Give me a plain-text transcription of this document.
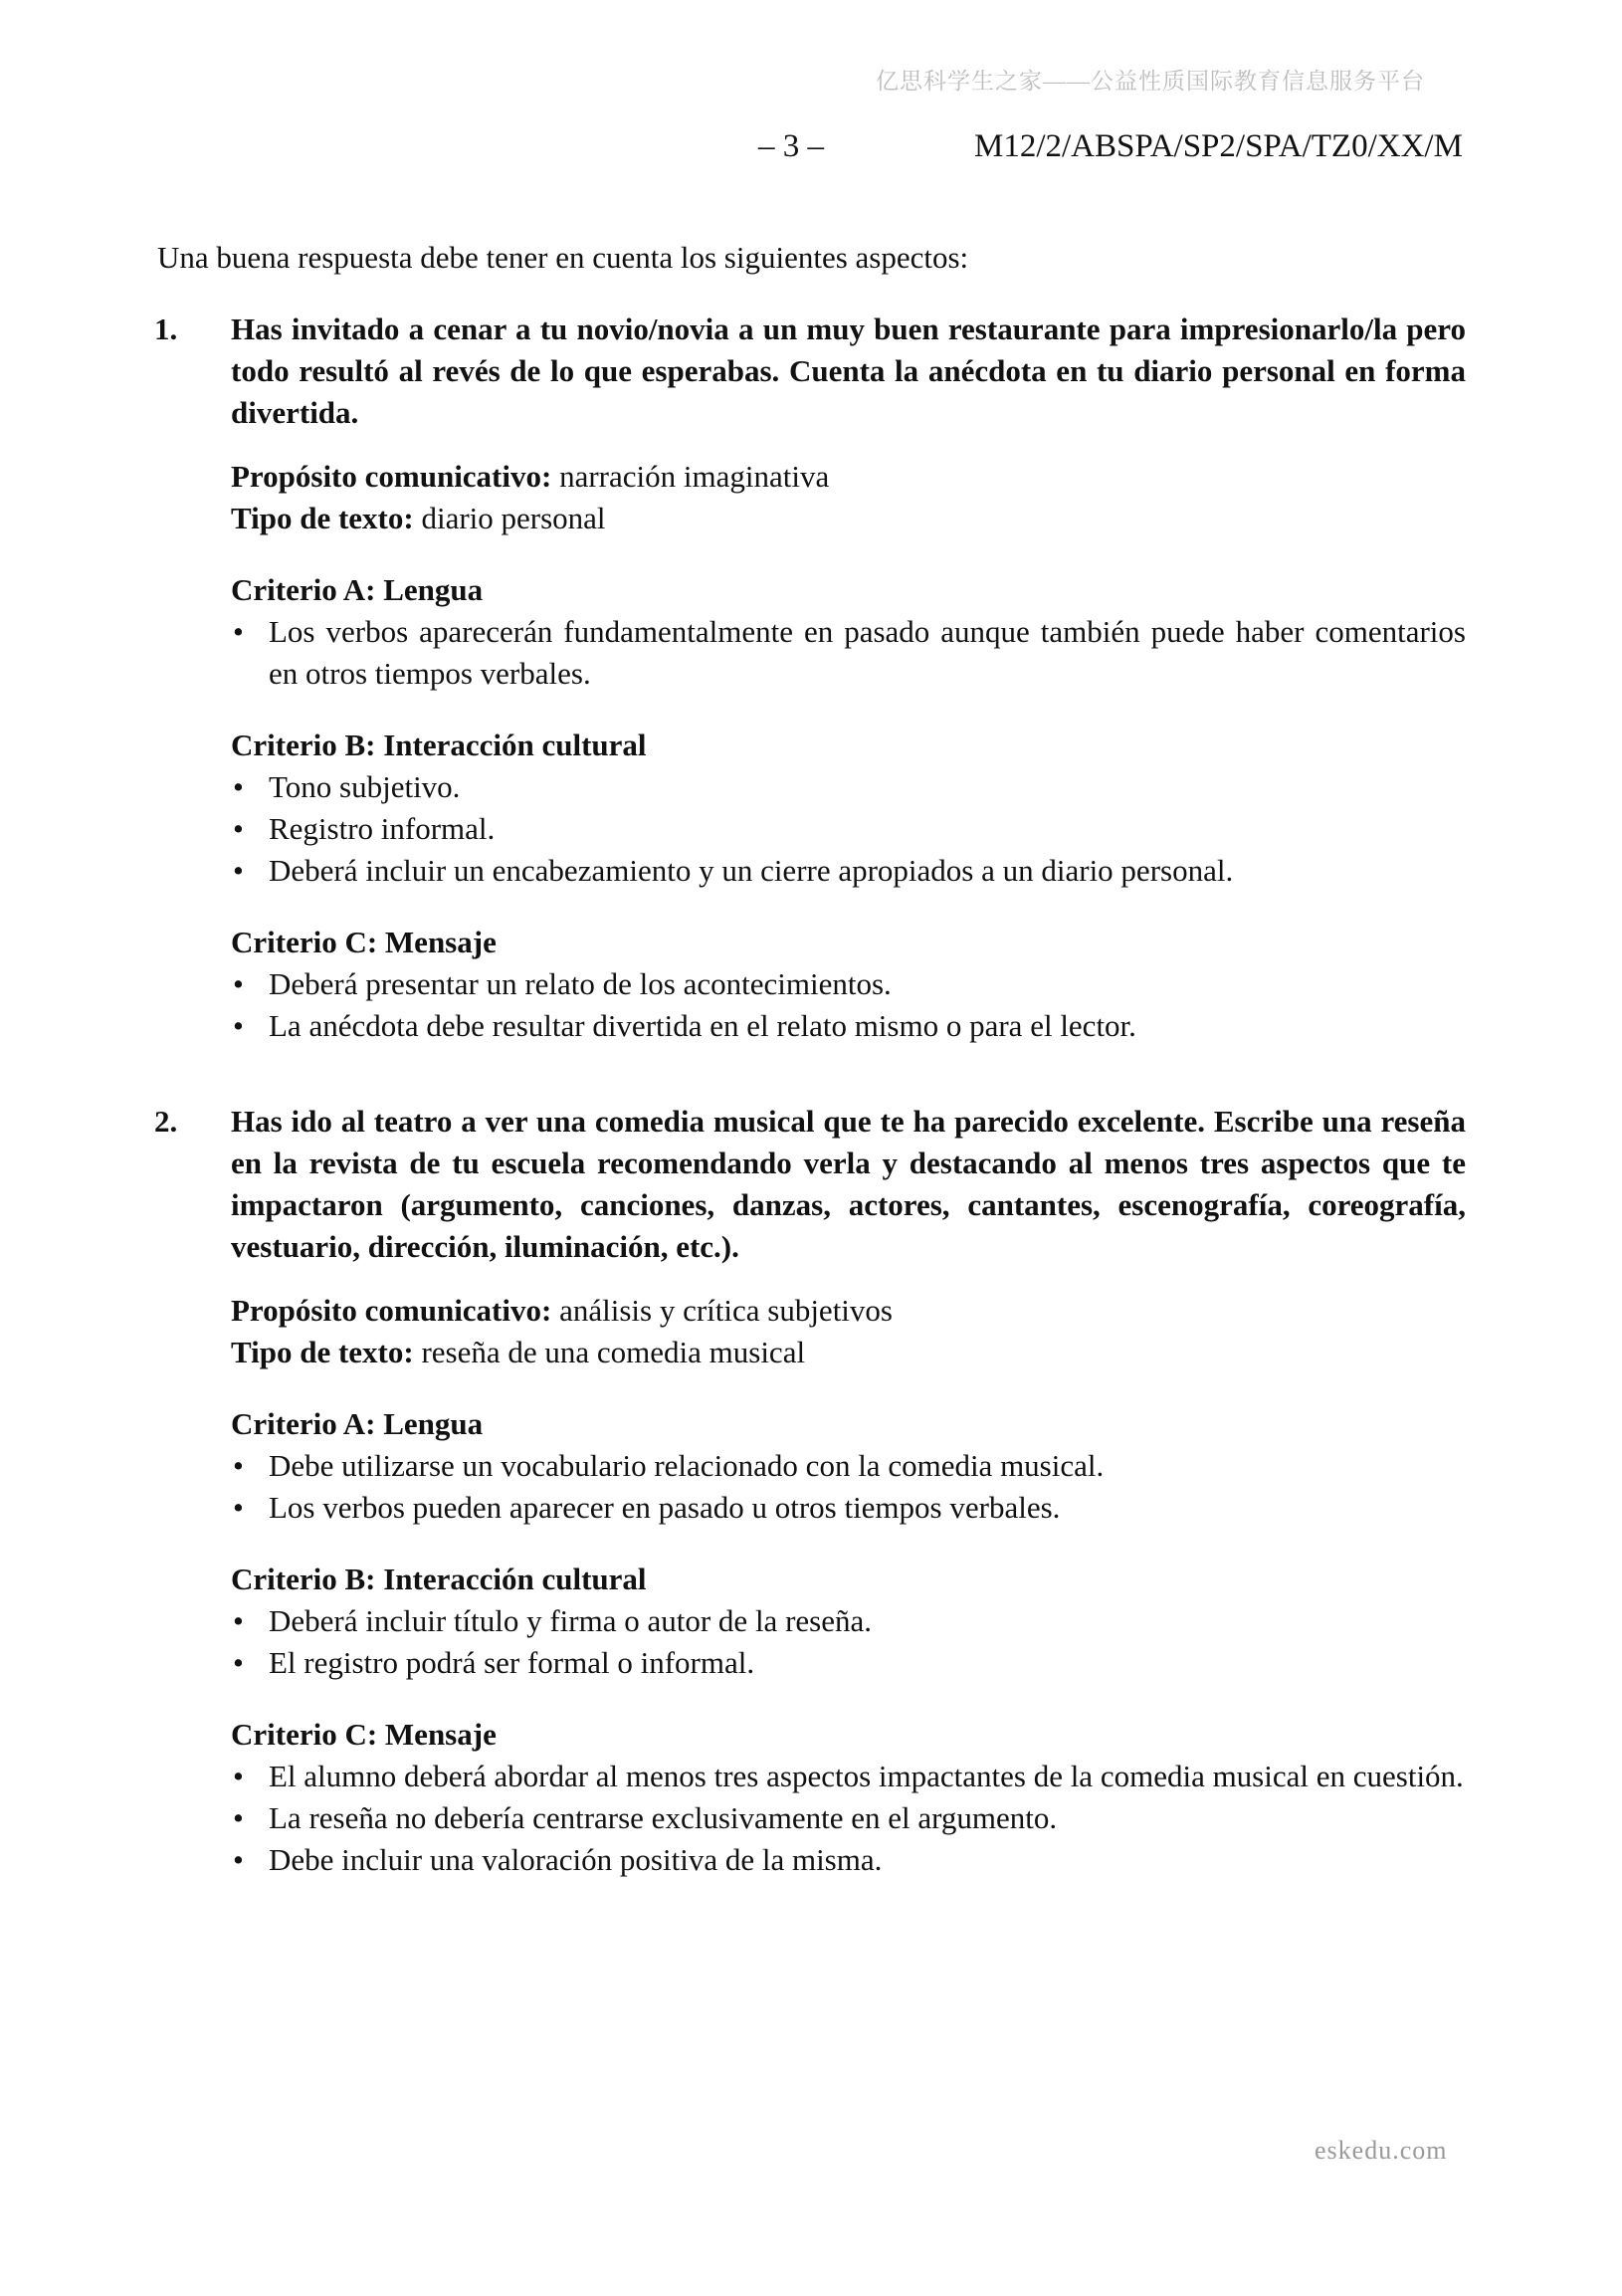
亿思科学生之家——公益性质国际教育信息服务平台
– 3 –	M12/2/ABSPA/SP2/SPA/TZ0/XX/M

Una buena respuesta debe tener en cuenta los siguientes aspectos:

1. Has invitado a cenar a tu novio/novia a un muy buen restaurante para impresionarlo/la pero todo resultó al revés de lo que esperabas. Cuenta la anécdota en tu diario personal en forma divertida.

Propósito comunicativo: narración imaginativa
Tipo de texto: diario personal
Criterio A: Lengua
• Los verbos aparecerán fundamentalmente en pasado aunque también puede haber comentarios en otros tiempos verbales.
Criterio B: Interacción cultural
• Tono subjetivo.
• Registro informal.
• Deberá incluir un encabezamiento y un cierre apropiados a un diario personal.
Criterio C: Mensaje
• Deberá presentar un relato de los acontecimientos.
• La anécdota debe resultar divertida en el relato mismo o para el lector.
2. Has ido al teatro a ver una comedia musical que te ha parecido excelente. Escribe una reseña en la revista de tu escuela recomendando verla y destacando al menos tres aspectos que te impactaron (argumento, canciones, danzas, actores, cantantes, escenografía, coreografía, vestuario, dirección, iluminación, etc.).

Propósito comunicativo: análisis y crítica subjetivos
Tipo de texto: reseña de una comedia musical
Criterio A: Lengua
• Debe utilizarse un vocabulario relacionado con la comedia musical.
• Los verbos pueden aparecer en pasado u otros tiempos verbales.
Criterio B: Interacción cultural
• Deberá incluir título y firma o autor de la reseña.
• El registro podrá ser formal o informal.
Criterio C: Mensaje
• El alumno deberá abordar al menos tres aspectos impactantes de la comedia musical en cuestión.
• La reseña no debería centrarse exclusivamente en el argumento.
• Debe incluir una valoración positiva de la misma.
eskedu.com
